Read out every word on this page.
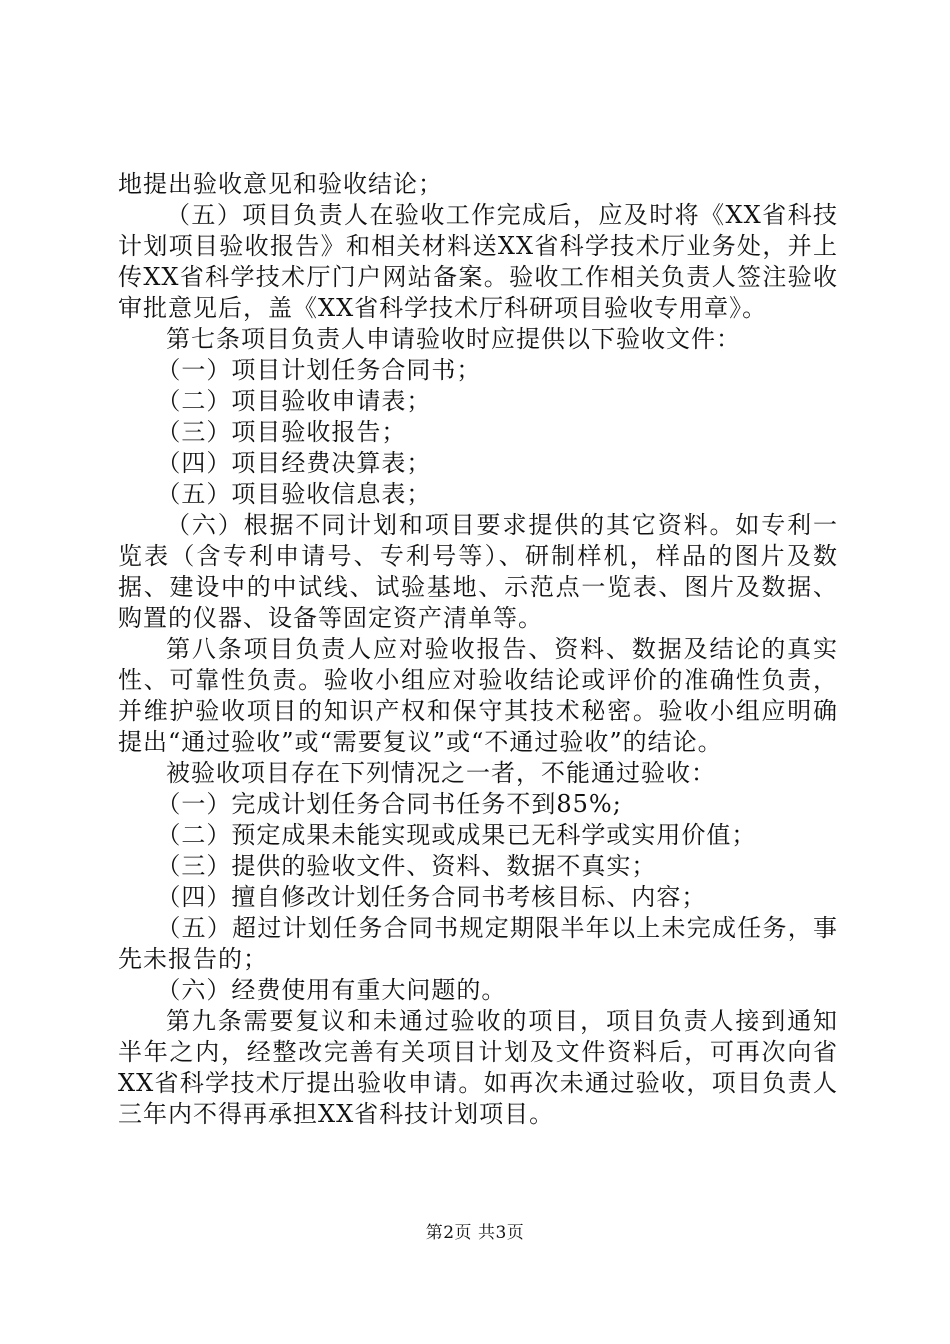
地提出验收意见和验收结论；

（五）项目负责人在验收工作完成后，应及时将《XX省科技计划项目验收报告》和相关材料送XX省科学技术厅业务处，并上传XX省科学技术厅门户网站备案。验收工作相关负责人签注验收审批意见后，盖《XX省科学技术厅科研项目验收专用章》。

第七条项目负责人申请验收时应提供以下验收文件：

（一）项目计划任务合同书；

（二）项目验收申请表；

（三）项目验收报告；

（四）项目经费决算表；

（五）项目验收信息表；

（六）根据不同计划和项目要求提供的其它资料。如专利一览表（含专利申请号、专利号等）、研制样机，样品的图片及数据、建设中的中试线、试验基地、示范点一览表、图片及数据、购置的仪器、设备等固定资产清单等。

第八条项目负责人应对验收报告、资料、数据及结论的真实性、可靠性负责。验收小组应对验收结论或评价的准确性负责，并维护验收项目的知识产权和保守其技术秘密。验收小组应明确提出“通过验收”或“需要复议”或“不通过验收”的结论。

被验收项目存在下列情况之一者，不能通过验收：

（一）完成计划任务合同书任务不到85%;

（二）预定成果未能实现或成果已无科学或实用价值；

（三）提供的验收文件、资料、数据不真实；

（四）擅自修改计划任务合同书考核目标、内容；

（五）超过计划任务合同书规定期限半年以上未完成任务，事先未报告的；

（六）经费使用有重大问题的。

第九条需要复议和未通过验收的项目，项目负责人接到通知半年之内，经整改完善有关项目计划及文件资料后，可再次向省XX省科学技术厅提出验收申请。如再次未通过验收，项目负责人三年内不得再承担XX省科技计划项目。

第2页 共3页
